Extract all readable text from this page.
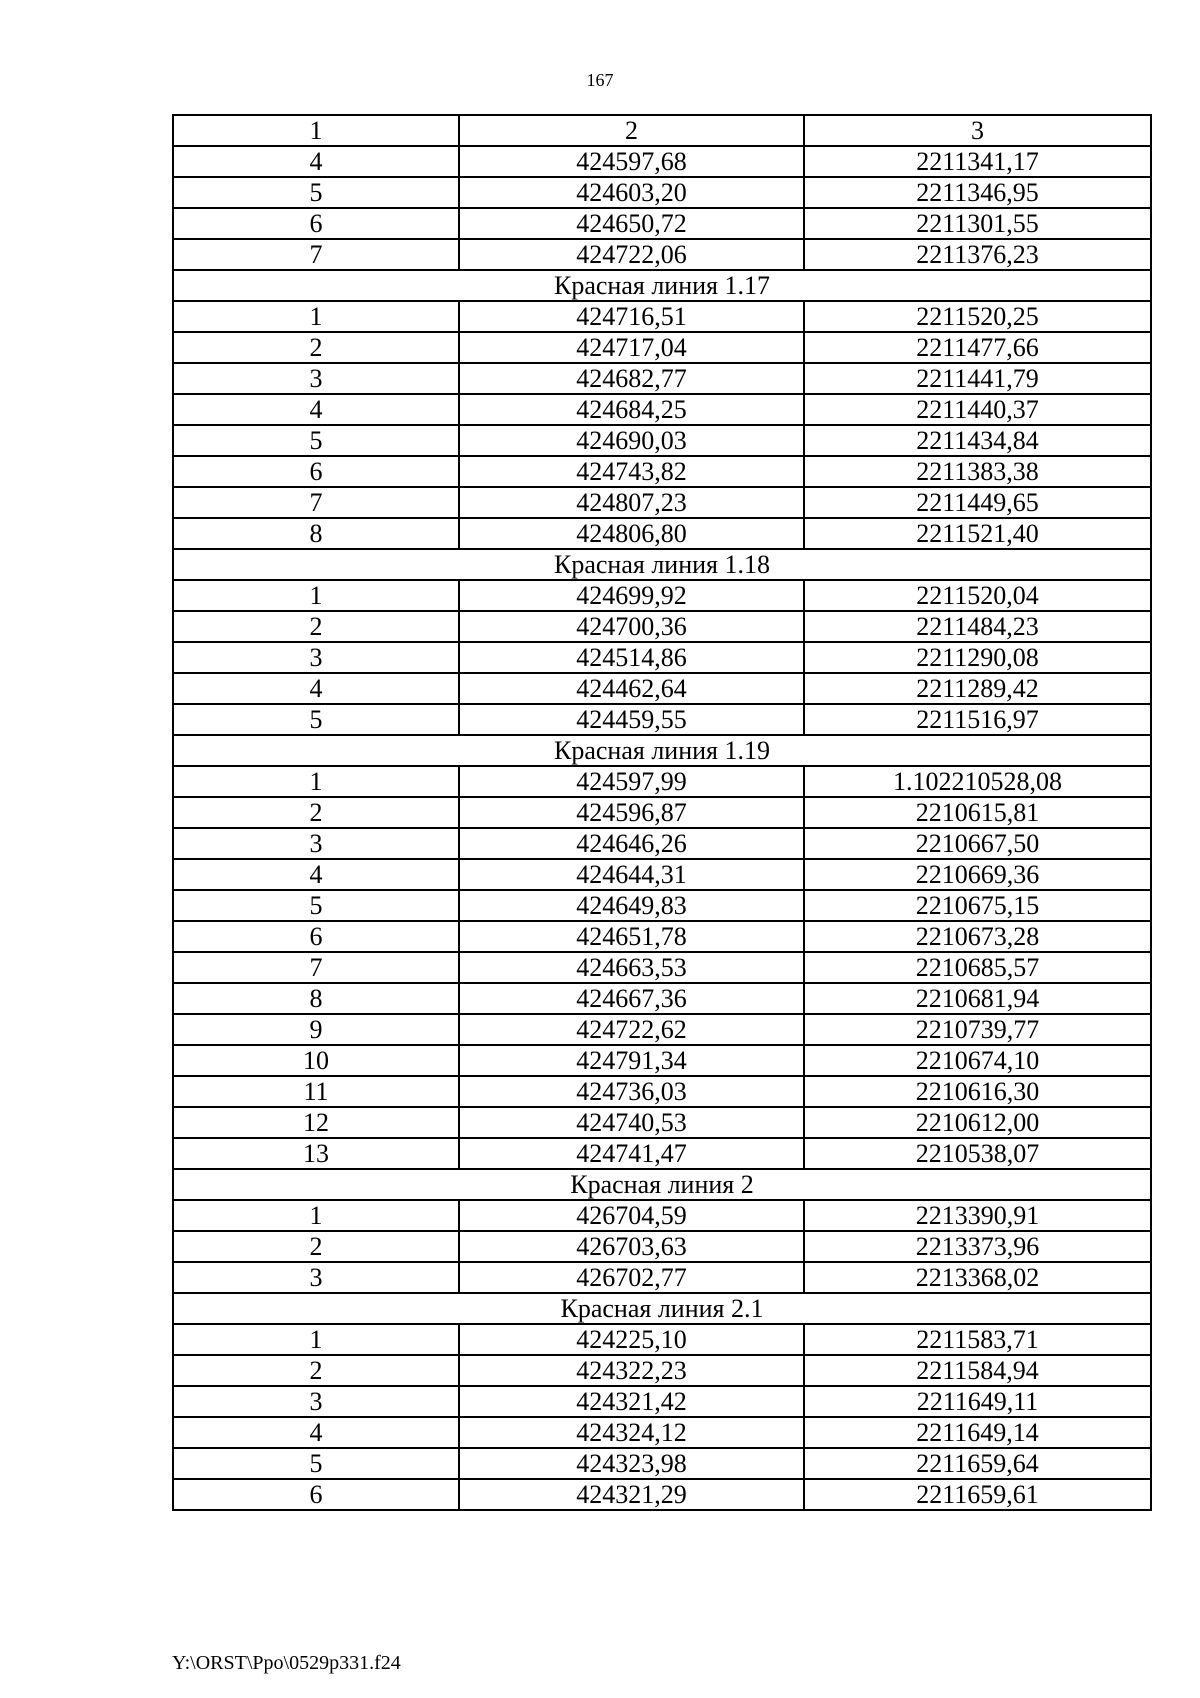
167
1	2	3
4	424597,68	2211341,17
5	424603,20	2211346,95
6	424650,72	2211301,55
7	424722,06	2211376,23
Красная линия 1.17		
1	424716,51	2211520,25
2	424717,04	2211477,66
3	424682,77	2211441,79
4	424684,25	2211440,37
5	424690,03	2211434,84
6	424743,82	2211383,38
7	424807,23	2211449,65
8	424806,80	2211521,40
Красная линия 1.18		
1	424699,92	2211520,04
2	424700,36	2211484,23
3	424514,86	2211290,08
4	424462,64	2211289,42
5	424459,55	2211516,97
Красная линия 1.19		
1	424597,99	1.102210528,08
2	424596,87	2210615,81
3	424646,26	2210667,50
4	424644,31	2210669,36
5	424649,83	2210675,15
6	424651,78	2210673,28
7	424663,53	2210685,57
8	424667,36	2210681,94
9	424722,62	2210739,77
10	424791,34	2210674,10
11	424736,03	2210616,30
12	424740,53	2210612,00
13	424741,47	2210538,07
Красная линия 2		
1	426704,59	2213390,91
2	426703,63	2213373,96
3	426702,77	2213368,02
Красная линия 2.1		
1	424225,10	2211583,71
2	424322,23	2211584,94
3	424321,42	2211649,11
4	424324,12	2211649,14
5	424323,98	2211659,64
6	424321,29	2211659,61
Y:\ORST\Ppo\0529p331.f24
